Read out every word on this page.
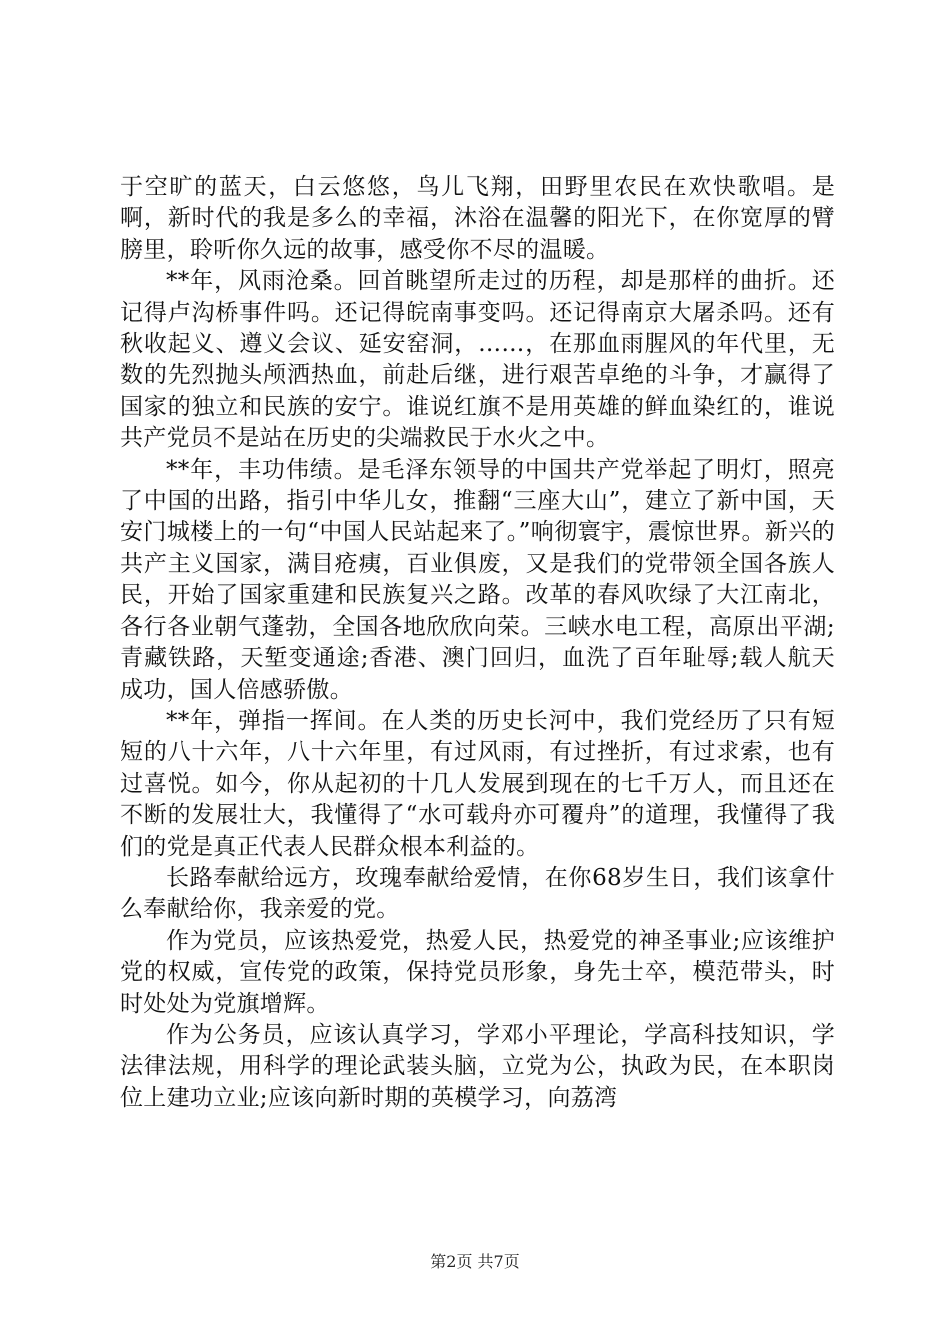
于空旷的蓝天，白云悠悠，鸟儿飞翔，田野里农民在欢快歌唱。是啊，新时代的我是多么的幸福，沐浴在温馨的阳光下，在你宽厚的臂膀里，聆听你久远的故事，感受你不尽的温暖。

**年，风雨沧桑。回首眺望所走过的历程，却是那样的曲折。还记得卢沟桥事件吗。还记得皖南事变吗。还记得南京大屠杀吗。还有秋收起义、遵义会议、延安窑洞，……，在那血雨腥风的年代里，无数的先烈抛头颅洒热血，前赴后继，进行艰苦卓绝的斗争，才赢得了国家的独立和民族的安宁。谁说红旗不是用英雄的鲜血染红的，谁说共产党员不是站在历史的尖端救民于水火之中。

**年，丰功伟绩。是毛泽东领导的中国共产党举起了明灯，照亮了中国的出路，指引中华儿女，推翻“三座大山”，建立了新中国，天安门城楼上的一句“中国人民站起来了。”响彻寰宇，震惊世界。新兴的共产主义国家，满目疮痍，百业俱废，又是我们的党带领全国各族人民，开始了国家重建和民族复兴之路。改革的春风吹绿了大江南北，各行各业朝气蓬勃，全国各地欣欣向荣。三峡水电工程，高原出平湖;青藏铁路，天堑变通途;香港、澳门回归，血洗了百年耻辱;载人航天成功，国人倍感骄傲。

**年，弹指一挥间。在人类的历史长河中，我们党经历了只有短短的八十六年，八十六年里，有过风雨，有过挫折，有过求索，也有过喜悦。如今，你从起初的十几人发展到现在的七千万人，而且还在不断的发展壮大，我懂得了“水可载舟亦可覆舟”的道理，我懂得了我们的党是真正代表人民群众根本利益的。

长路奉献给远方，玫瑰奉献给爱情，在你68岁生日，我们该拿什么奉献给你，我亲爱的党。

作为党员，应该热爱党，热爱人民，热爱党的神圣事业;应该维护党的权威，宣传党的政策，保持党员形象，身先士卒，模范带头，时时处处为党旗增辉。

作为公务员，应该认真学习，学邓小平理论，学高科技知识，学法律法规，用科学的理论武装头脑，立党为公，执政为民，在本职岗位上建功立业;应该向新时期的英模学习，向荔湾

第2页 共7页
